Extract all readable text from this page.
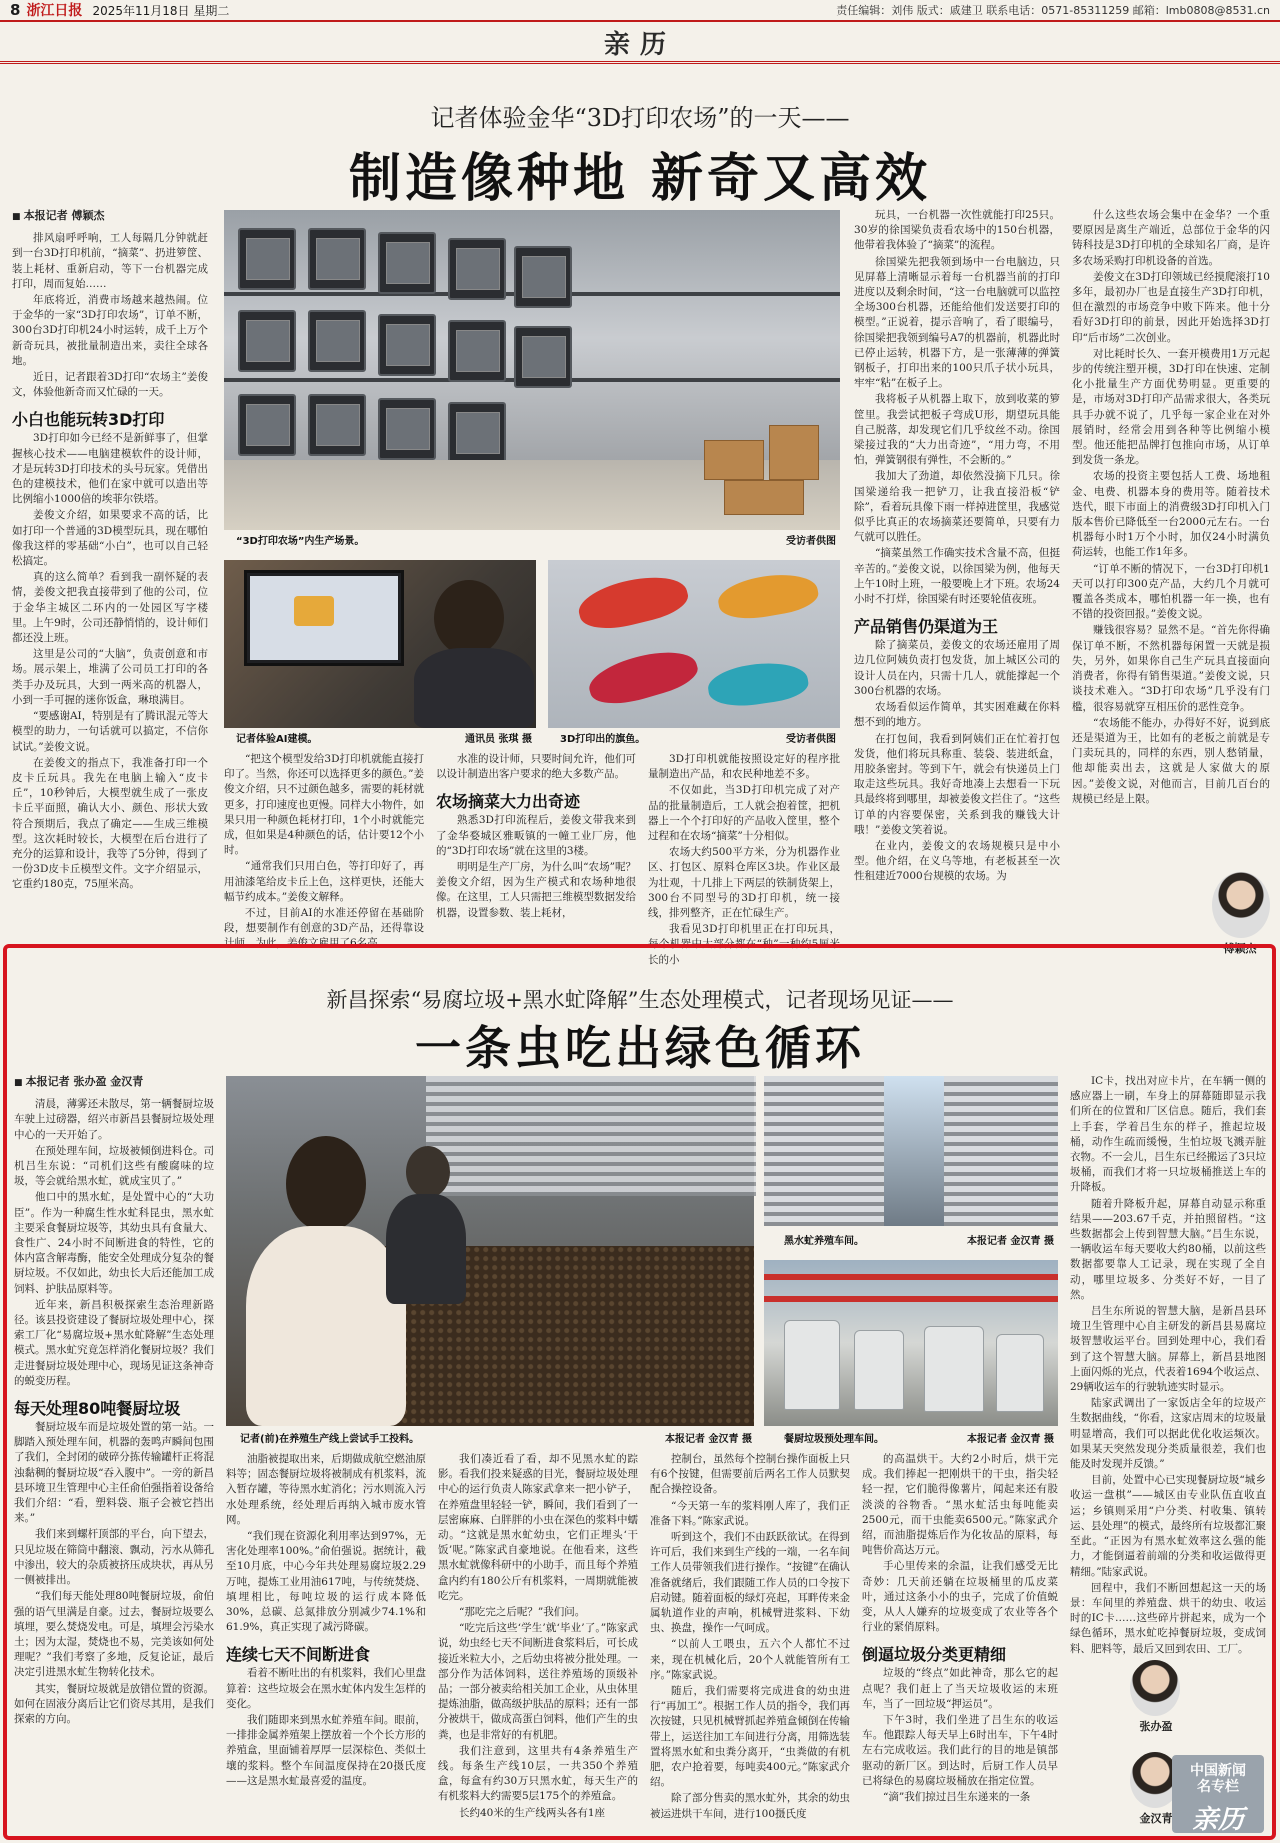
8 浙江日报 2025年11月18日 星期二	责任编辑：刘伟 版式：戚建卫 联系电话：0571-85311259 邮箱：lmb0808@8531.cn
亲历
记者体验金华“3D打印农场”的一天——
制造像种地 新奇又高效

■ 本报记者 傅颖杰

排风扇呼呼响，工人每隔几分钟就赶到一台3D打印机前，“摘菜”、扔进箩筐、装上耗材、重新启动，等下一台机器完成打印，周而复始……

年底将近，消费市场越来越热闹。位于金华的一家“3D打印农场”，订单不断，300台3D打印机24小时运转，成千上万个新奇玩具，被批量制造出来，卖往全球各地。

近日，记者跟着3D打印“农场主”姜俊文，体验他新奇而又忙碌的一天。

小白也能玩转3D打印

3D打印如今已经不是新鲜事了，但掌握核心技术——电脑建模软件的设计师，才是玩转3D打印技术的头号玩家。凭借出色的建模技术，他们在家中就可以造出等比例缩小1000倍的埃菲尔铁塔。

姜俊文介绍，如果要求不高的话，比如打印一个普通的3D模型玩具，现在哪怕像我这样的零基础“小白”，也可以自己轻松搞定。

真的这么简单？看到我一副怀疑的表情，姜俊文把我直接带到了他的公司，位于金华主城区二环内的一处园区写字楼里。上午9时，公司还静悄悄的，设计师们都还没上班。

这里是公司的“大脑”，负责创意和市场。展示架上，堆满了公司员工打印的各类手办及玩具，大到一两米高的机器人，小到一手可握的迷你饭盒，琳琅满目。

“要感谢AI，特别是有了腾讯混元等大模型的助力，一句话就可以搞定，不信你试试。”姜俊文说。

在姜俊文的指点下，我准备打印一个皮卡丘玩具。我先在电脑上输入“皮卡丘”，10秒钟后，大模型就生成了一张皮卡丘平面照，确认大小、颜色、形状大致符合预期后，我点了确定——生成三维模型。这次耗时较长，大模型在后台进行了充分的运算和设计，我等了5分钟，得到了一份3D皮卡丘模型文件。文字介绍显示，它重约180克，75厘米高。

“3D打印农场”内生产场景。	受访者供图
记者体验AI建模。	通讯员 张琪 摄	3D打印出的旗鱼。	受访者供图

“把这个模型发给3D打印机就能直接打印了。当然，你还可以选择更多的颜色。”姜俊文介绍，只不过颜色越多，需要的耗材就更多，打印速度也更慢。同样大小物件，如果只用一种颜色耗材打印，1个小时就能完成，但如果是4种颜色的话，估计要12个小时。

“通常我们只用白色，等打印好了，再用油漆笔给皮卡丘上色，这样更快，还能大幅节约成本。”姜俊文解释。

不过，目前AI的水准还停留在基础阶段，想要制作有创意的3D产品，还得靠设计师。为此，姜俊文雇用了6名高

水准的设计师，只要时间允许，他们可以设计制造出客户要求的绝大多数产品。

农场摘菜大力出奇迹

熟悉3D打印流程后，姜俊文带我来到了金华婺城区雅畈镇的一幢工业厂房，他的“3D打印农场”就在这里的3楼。

明明是生产厂房，为什么叫“农场”呢？姜俊文介绍，因为生产模式和农场种地很像。在这里，工人只需把三维模型数据发给机器，设置参数、装上耗材，

3D打印机就能按照设定好的程序批量制造出产品，和农民种地差不多。

不仅如此，当3D打印机完成了对产品的批量制造后，工人就会抱着筐，把机器上一个个打印好的产品收入筐里，整个过程和在农场“摘菜”十分相似。

农场大约500平方米，分为机器作业区、打包区、原料仓库区3块。作业区最为壮观，十几排上下两层的铁制货架上，300台不同型号的3D打印机，统一接线，排列整齐，正在忙碌生产。

我看见3D打印机里正在打印玩具，每个机器中大部分都在“种”一种约5厘米长的小

玩具，一台机器一次性就能打印25只。30岁的徐国梁负责看农场中的150台机器，他带着我体验了“摘菜”的流程。

徐国梁先把我领到场中一台电脑边，只见屏幕上清晰显示着每一台机器当前的打印进度以及剩余时间，“这一台电脑就可以监控全场300台机器，还能给他们发送要打印的模型。”正说着，提示音响了，看了眼编号，徐国梁把我领到编号A7的机器前，机器此时已停止运转，机器下方，是一张薄薄的弹簧钢板子，打印出来的100只爪子状小玩具，牢牢“粘”在板子上。

我将板子从机器上取下，放到收菜的箩筐里。我尝试把板子弯成U形，期望玩具能自己脱落，却发现它们几乎纹丝不动。徐国梁接过我的“大力出奇迹”，“用力弯，不用怕，弹簧钢很有弹性，不会断的。”

我加大了劲道，却依然没摘下几只。徐国梁递给我一把铲刀，让我直接沿板“铲除”，看着玩具像下雨一样掉进筐里，我感觉似乎比真正的农场摘菜还要简单，只要有力气就可以胜任。

“摘菜虽然工作确实技术含量不高，但挺辛苦的。”姜俊文说，以徐国梁为例，他每天上午10时上班，一般要晚上才下班。农场24小时不打烊，徐国梁有时还要轮值夜班。

产品销售仍渠道为王

除了摘菜员，姜俊文的农场还雇用了周边几位阿姨负责打包发货，加上城区公司的设计人员在内，只需十几人，就能撑起一个300台机器的农场。

农场看似运作简单，其实困难藏在你料想不到的地方。

在打包间，我看到阿姨们正在忙着打包发货，他们将玩具称重、装袋、装进纸盒，用胶条密封。等到下午，就会有快递员上门取走这些玩具。我好奇地凑上去想看一下玩具最终将到哪里，却被姜俊文拦住了。“这些订单的内容要保密，关系到我的赚钱大计哦！”姜俊文笑着说。

在业内，姜俊文的农场规模只是中小型。他介绍，在义乌等地，有老板甚至一次性租建近7000台规模的农场。为

什么这些农场会集中在金华？一个重要原因是离生产端近，总部位于金华的闪铸科技是3D打印机的全球知名厂商，是许多农场采购打印机设备的首选。

姜俊文在3D打印领域已经摸爬滚打10多年，最初办厂也是直接生产3D打印机，但在激烈的市场竞争中败下阵来。他十分看好3D打印的前景，因此开始选择3D打印“后市场”二次创业。

对比耗时长久、一套开模费用1万元起步的传统注塑开模，3D打印在快速、定制化小批量生产方面优势明显。更重要的是，市场对3D打印产品需求很大，各类玩具手办就不说了，几乎每一家企业在对外展销时，经常会用到各种等比例缩小模型。他还能把品牌打包推向市场，从订单到发货一条龙。

农场的投资主要包括人工费、场地租金、电费、机器本身的费用等。随着技术迭代，眼下市面上的消费级3D打印机入门版本售价已降低至一台2000元左右。一台机器每小时1万个小时，加仅24小时满负荷运转，也能工作1年多。

“订单不断的情况下，一台3D打印机1天可以打印300克产品，大约几个月就可覆盖各类成本，哪怕机器一年一换，也有不错的投资回报。”姜俊文说。

赚钱很容易？显然不是。“首先你得确保订单不断，不然机器每闲置一天就是损失，另外，如果你自己生产玩具直接面向消费者，你得有销售渠道。”姜俊文说，只谈技术难入。“3D打印农场”几乎没有门槛，很容易就穿互相压价的恶性竞争。

“农场能不能办，办得好不好，说到底还是渠道为王，比如有的老板之前就是专门卖玩具的，同样的东西，别人愁销量，他却能卖出去，这就是人家做大的原因。”姜俊文说，对他而言，目前几百台的规模已经是上限。

傅颖杰
新昌探索“易腐垃圾+黑水虻降解”生态处理模式，记者现场见证——
一条虫吃出绿色循环

■ 本报记者 张办盈 金汉青

清晨，薄雾还未散尽，第一辆餐厨垃圾车驶上过磅器，绍兴市新昌县餐厨垃圾处理中心的一天开始了。

在预处理车间，垃圾被倾倒进料仓。司机吕生东说：“司机们这些有酸腐味的垃圾，等会就给黑水虻，就成宝贝了。”

他口中的黑水虻，是处置中心的“大功臣”。作为一种腐生性水虻科昆虫，黑水虻主要采食餐厨垃圾等，其幼虫具有食量大、食性广、24小时不间断进食的特性，它的体内富含解毒酶，能安全处理成分复杂的餐厨垃圾。不仅如此，幼虫长大后还能加工成饲料、护肤品原料等。

近年来，新昌积极探索生态治理新路径。该县投资建设了餐厨垃圾处理中心，探索工厂化“易腐垃圾+黑水虻降解”生态处理模式。黑水虻究竟怎样消化餐厨垃圾？我们走进餐厨垃圾处理中心，现场见证这条神奇的蜕变历程。

每天处理80吨餐厨垃圾

餐厨垃圾车而是垃圾处置的第一站。一脚踏入预处理车间，机器的轰鸣声瞬间包围了我们，全封闭的破碎分拣传输罐杆正将混浊黏稠的餐厨垃圾“吞入腹中”。一旁的新昌县环境卫生管理中心主任俞伯强指着设备给我们介绍：“看，塑料袋、瓶子会被它挡出来。”

我们来到螺杆顶部的平台，向下望去，只见垃圾在筛筒中翻滚、飘动，污水从筛孔中渗出，较大的杂质被挤压成块状，再从另一侧被排出。

“我们每天能处理80吨餐厨垃圾，俞伯强的语气里满是自豪。过去，餐厨垃圾要么填埋，要么焚烧发电。可是，填埋会污染水土；因为太湿，焚烧也不易，完美该如何处理呢？”我们考察了多地，反复论证，最后决定引进黑水虻生物转化技术。

其实，餐厨垃圾就是放错位置的资源。如何在固液分离后让它们资尽其用，是我们探索的方向。

记者(前)在养殖生产线上尝试手工投料。	本报记者 金汉青 摄
黑水虻养殖车间。	本报记者 金汉青 摄
餐厨垃圾预处理车间。	本报记者 金汉青 摄

油脂被提取出来，后期做成航空燃油原料等；固态餐厨垃圾将被制成有机浆料，流入暂存罐，等待黑水虻消化；污水则流入污水处理系统，经处理后再纳入城市废水管网。

“我们现在资源化利用率达到97%，无害化处理率100%。”俞伯强说。据统计，截至10月底，中心今年共处理易腐垃圾2.29万吨，提炼工业用油617吨，与传统焚烧、填埋相比，每吨垃圾的运行成本降低30%，总碳、总氮排放分别减少74.1%和61.9%，真正实现了减污降碳。

连续七天不间断进食

看着不断吐出的有机浆料，我们心里盘算着：这些垃圾会在黑水虻体内发生怎样的变化。

我们随即来到黑水虻养殖车间。眼前，一排排金属养殖架上摆放着一个个长方形的养殖盒，里面铺着厚厚一层深棕色、类似土壤的浆料。整个车间温度保持在20摄氏度——这是黑水虻最喜爱的温度。

我们凑近看了看，却不见黑水虻的踪影。看我们投来疑惑的目光，餐厨垃圾处理中心的运行负责人陈家武拿来一把小铲子，在养殖盘里轻轻一铲，瞬间，我们看到了一层密麻麻、白胖胖的小虫在深色的浆料中蠕动。“这就是黑水虻幼虫，它们正埋头‘干饭’呢。”陈家武自豪地说。在他看来，这些黑水虻就像科研中的小助手，而且每个养殖盒内约有180公斤有机浆料，一周期就能被吃完。

“那吃完之后呢？”我们问。

“吃完后这些‘学生’就‘毕业’了。”陈家武说，幼虫经七天不间断进食浆料后，可长成接近米粒大小，之后幼虫将被分批处理。一部分作为活体饲料，送往养殖场的顶级补品；一部分被卖给相关加工企业，从虫体里提炼油脂，做高级护肤品的原料；还有一部分被烘干，做成高蛋白饲料，他们产生的虫粪，也是非常好的有机肥。

我们注意到，这里共有4条养殖生产线。每条生产线10层，一共350个养殖盒，每盒有约30万只黑水虻，每天生产的有机浆料大约需要5层175个的养殖盒。

长约40米的生产线两头各有1座

控制台，虽然每个控制台操作面板上只有6个按键，但需要前后两名工作人员默契配合操控设备。

“今天第一车的浆料刚人库了，我们正准备下料。”陈家武说。

听到这个，我们不由跃跃欲试。在得到许可后，我们来到生产线的一端，一名车间工作人员带领我们进行操作。“按键”在确认准备就绪后，我们跟随工作人员的口令按下启动键。随着面板的绿灯亮起，耳畔传来金属轨道作业的声响，机械臂进浆料、下幼虫、换盘，操作一气呵成。

“以前人工喂虫，五六个人都忙不过来，现在机械化后，20个人就能管所有工序。”陈家武说。

随后，我们需要将完成进食的幼虫进行“再加工”。根据工作人员的指令，我们再次按键，只见机械臂抓起养殖盒倾倒在传输带上，运送往加工车间进行分离，用筛选装置将黑水虻和虫粪分离开，“虫粪做的有机肥，农户抢着要，每吨卖400元。”陈家武介绍。

除了部分售卖的黑水虻外，其余的幼虫被运进烘干车间，进行100摄氏度

的高温烘干。大约2小时后，烘干完成。我们捧起一把刚烘干的干虫，指尖轻轻一捏，它们脆得像薯片，闻起来还有股淡淡的谷物香。“黑水虻活虫每吨能卖2500元，而干虫能卖6500元。”陈家武介绍，而油脂提炼后作为化妆品的原料，每吨售价高达万元。

手心里传来的余温，让我们感受无比奇妙：几天前还躺在垃圾桶里的瓜皮菜叶，通过这条小小的虫子，完成了价值蜕变，从人人嫌弃的垃圾变成了农业等各个行业的紧俏原料。

倒逼垃圾分类更精细

垃圾的“终点”如此神奇，那么它的起点呢？我们赶上了当天垃圾收运的末班车，当了一回垃圾“押运员”。

下午3时，我们坐进了吕生东的收运车。他跟踪人每天早上6时出车，下午4时左右完成收运。我们此行的目的地是镇部驱动的新厂区。到达时，后厨工作人员早已将绿色的易腐垃圾桶放在指定位置。

“滴”我们掠过吕生东递来的一条

IC卡，找出对应卡片，在车辆一侧的感应器上一刷，车身上的屏幕随即显示我们所在的位置和厂区信息。随后，我们套上手套，学着吕生东的样子，推起垃圾桶，动作生疏而缓慢，生怕垃圾飞溅弄脏衣物。不一会儿，吕生东已经搬运了3只垃圾桶，而我们才将一只垃圾桶推送上车的升降板。

随着升降板升起，屏幕自动显示称重结果——203.67千克，并拍照留档。“这些数据都会上传到智慧大脑。”吕生东说，一辆收运车每天要收大约80桶，以前这些数据都要靠人工记录，现在实现了全自动，哪里垃圾多、分类好不好，一目了然。

吕生东所说的智慧大脑，是新昌县环境卫生管理中心自主研发的新昌县易腐垃圾智慧收运平台。回到处理中心，我们看到了这个智慧大脑。屏幕上，新昌县地图上面闪烁的光点，代表着1694个收运点、29辆收运车的行驶轨迹实时显示。

陆家武调出了一家饭店全年的垃圾产生数据曲线，“你看，这家店周末的垃圾量明显增高，我们可以据此优化收运频次。如果某天突然发现分类质量很差，我们也能及时发现并反馈。”

目前，处置中心已实现餐厨垃圾“城乡收运一盘棋”——城区由专业队伍直收直运；乡镇则采用“户分类、村收集、镇转运、县处理”的模式，最终所有垃圾都汇聚至此。“正因为有黑水虻效率这么强的能力，才能倒逼着前端的分类和收运做得更精细。”陆家武说。

回程中，我们不断回想起这一天的场景：车间里的养殖盘、烘干的幼虫、收运时的IC卡……这些碎片拼起来，成为一个绿色循环，黑水虻吃掉餐厨垃圾，变成饲料、肥料等，最后又回到农田、工厂。

张办盈
金汉青
中国新闻
名专栏
亲历
